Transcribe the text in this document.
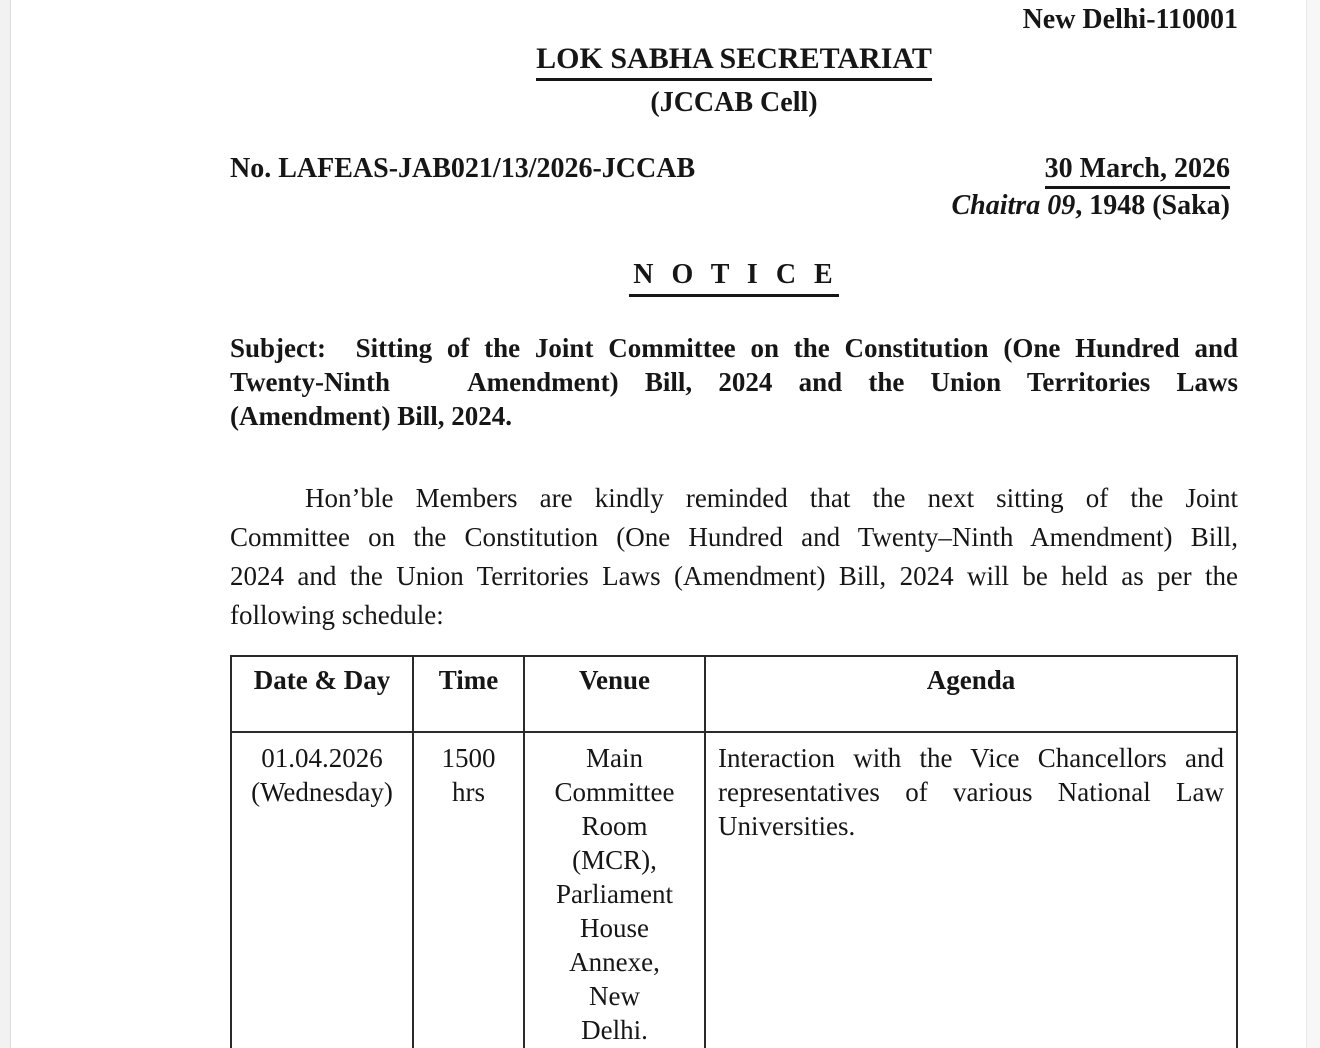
New Delhi-110001
LOK SABHA SECRETARIAT
(JCCAB Cell)
No. LAFEAS-JAB021/13/2026-JCCAB	30 March, 2026
Chaitra 09, 1948 (Saka)
N O T I C E
Subject:  Sitting of the Joint Committee on the Constitution (One Hundred and
Twenty-Ninth   Amendment) Bill, 2024 and the Union Territories Laws
(Amendment) Bill, 2024.
Hon’ble Members are kindly reminded that the next sitting of the Joint
Committee on the Constitution (One Hundred and Twenty–Ninth Amendment) Bill,
2024 and the Union Territories Laws (Amendment) Bill, 2024 will be held as per the
following schedule:
Date & Day	Time	Venue	Agenda
01.04.2026 (Wednesday)	1500 hrs	Main Committee Room (MCR), Parliament House Annexe, New Delhi.	Interaction with the Vice Chancellors and representatives of various National Law Universities.
